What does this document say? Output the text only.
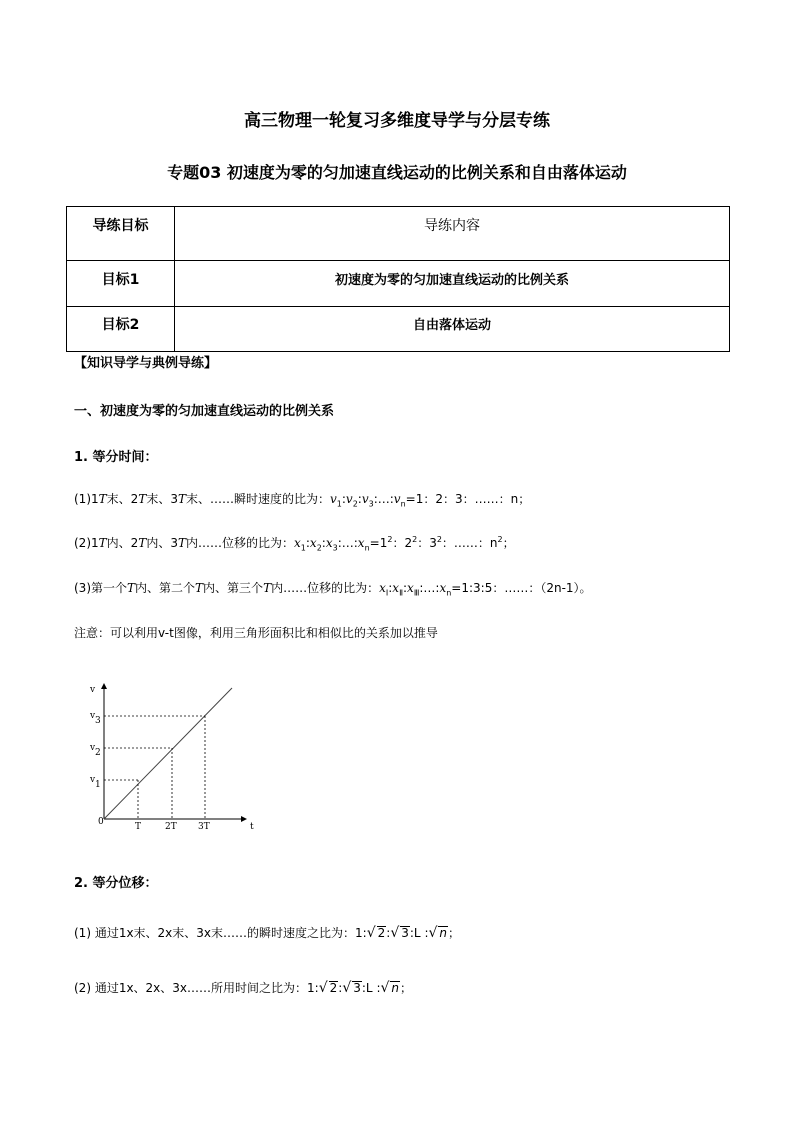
高三物理一轮复习多维度导学与分层专练
专题03 初速度为零的匀加速直线运动的比例关系和自由落体运动
导练目标	导练内容
目标1	初速度为零的匀加速直线运动的比例关系
目标2	自由落体运动
【知识导学与典例导练】
一、初速度为零的匀加速直线运动的比例关系
1. 等分时间：
(1)1T末、2T末、3T末、……瞬时速度的比为：$v_1:v_2:v_3:\dots:v_n=1$：2：3：……：n；
(2)1T内、2T内、3T内……位移的比为：$x_1:x_2:x_3:\dots:x_n=1^2$：$2^2$：$3^2$：……：$n^2$；
(3)第一个T内、第二个T内、第三个T内……位移的比为：$x_Ⅰ:x_Ⅱ:x_Ⅲ:\dots:x_n=1:3:5$：……：（2n-1）。
注意：可以利用v-t图像，利用三角形面积比和相似比的关系加以推导
v
t
0
v 1
v 2
v 3
T	2T 3T
2. 等分位移：
(1) 通过1x末、2x末、3x末……的瞬时速度之比为：1:√ 2:√ 3:L :√ n；
(2) 通过1x、2x、3x……所用时间之比为：1:√ 2:√ 3:L :√ n；
